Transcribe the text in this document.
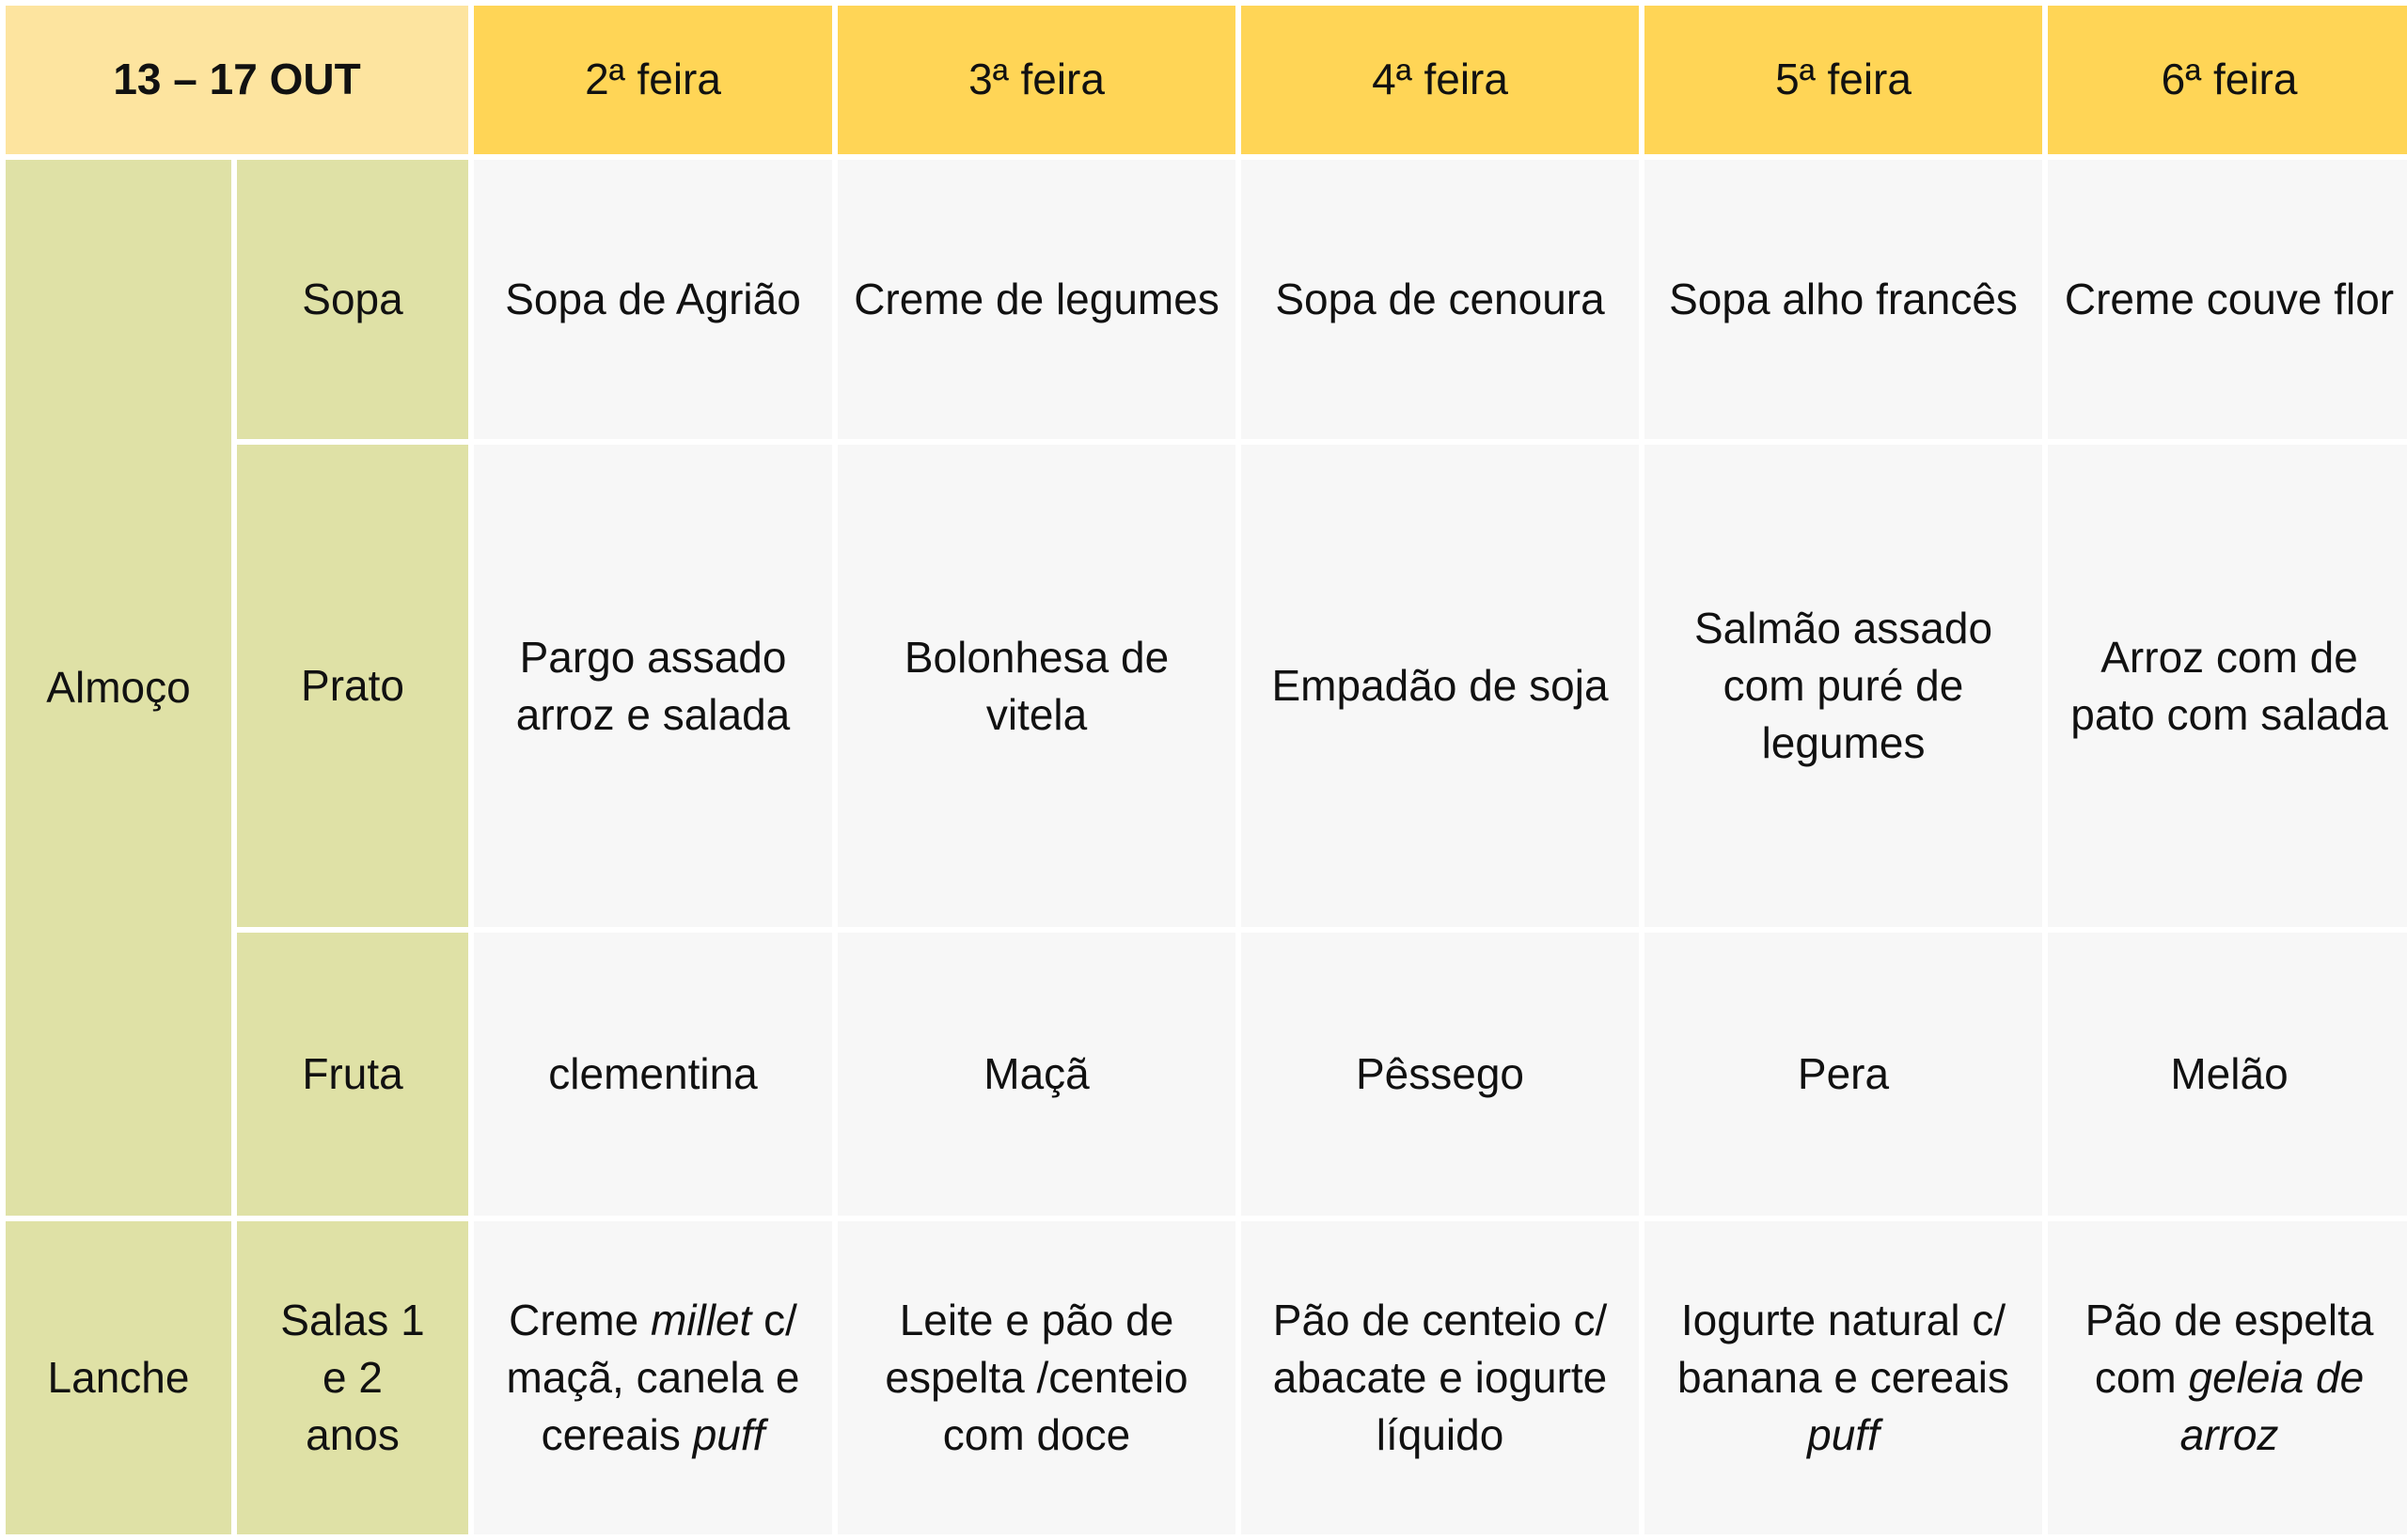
13 – 17 OUT		2ª feira	3ª feira	4ª feira	5ª feira	6ª feira
Almoço	Sopa	Sopa de Agrião	Creme de legumes	Sopa de cenoura	Sopa alho francês	Creme couve flor
	Prato	Pargo assado arroz e salada	Bolonhesa de vitela	Empadão de soja	Salmão assado com puré de legumes	Arroz com de pato com salada
	Fruta	clementina	Maçã	Pêssego	Pera	Melão
Lanche	Salas 1 e 2 anos	Creme millet c/ maçã, canela e cereais puff	Leite e pão de espelta /centeio com doce	Pão de centeio c/ abacate e iogurte líquido	Iogurte natural c/ banana e cereais puff	Pão de espelta com geleia de arroz
